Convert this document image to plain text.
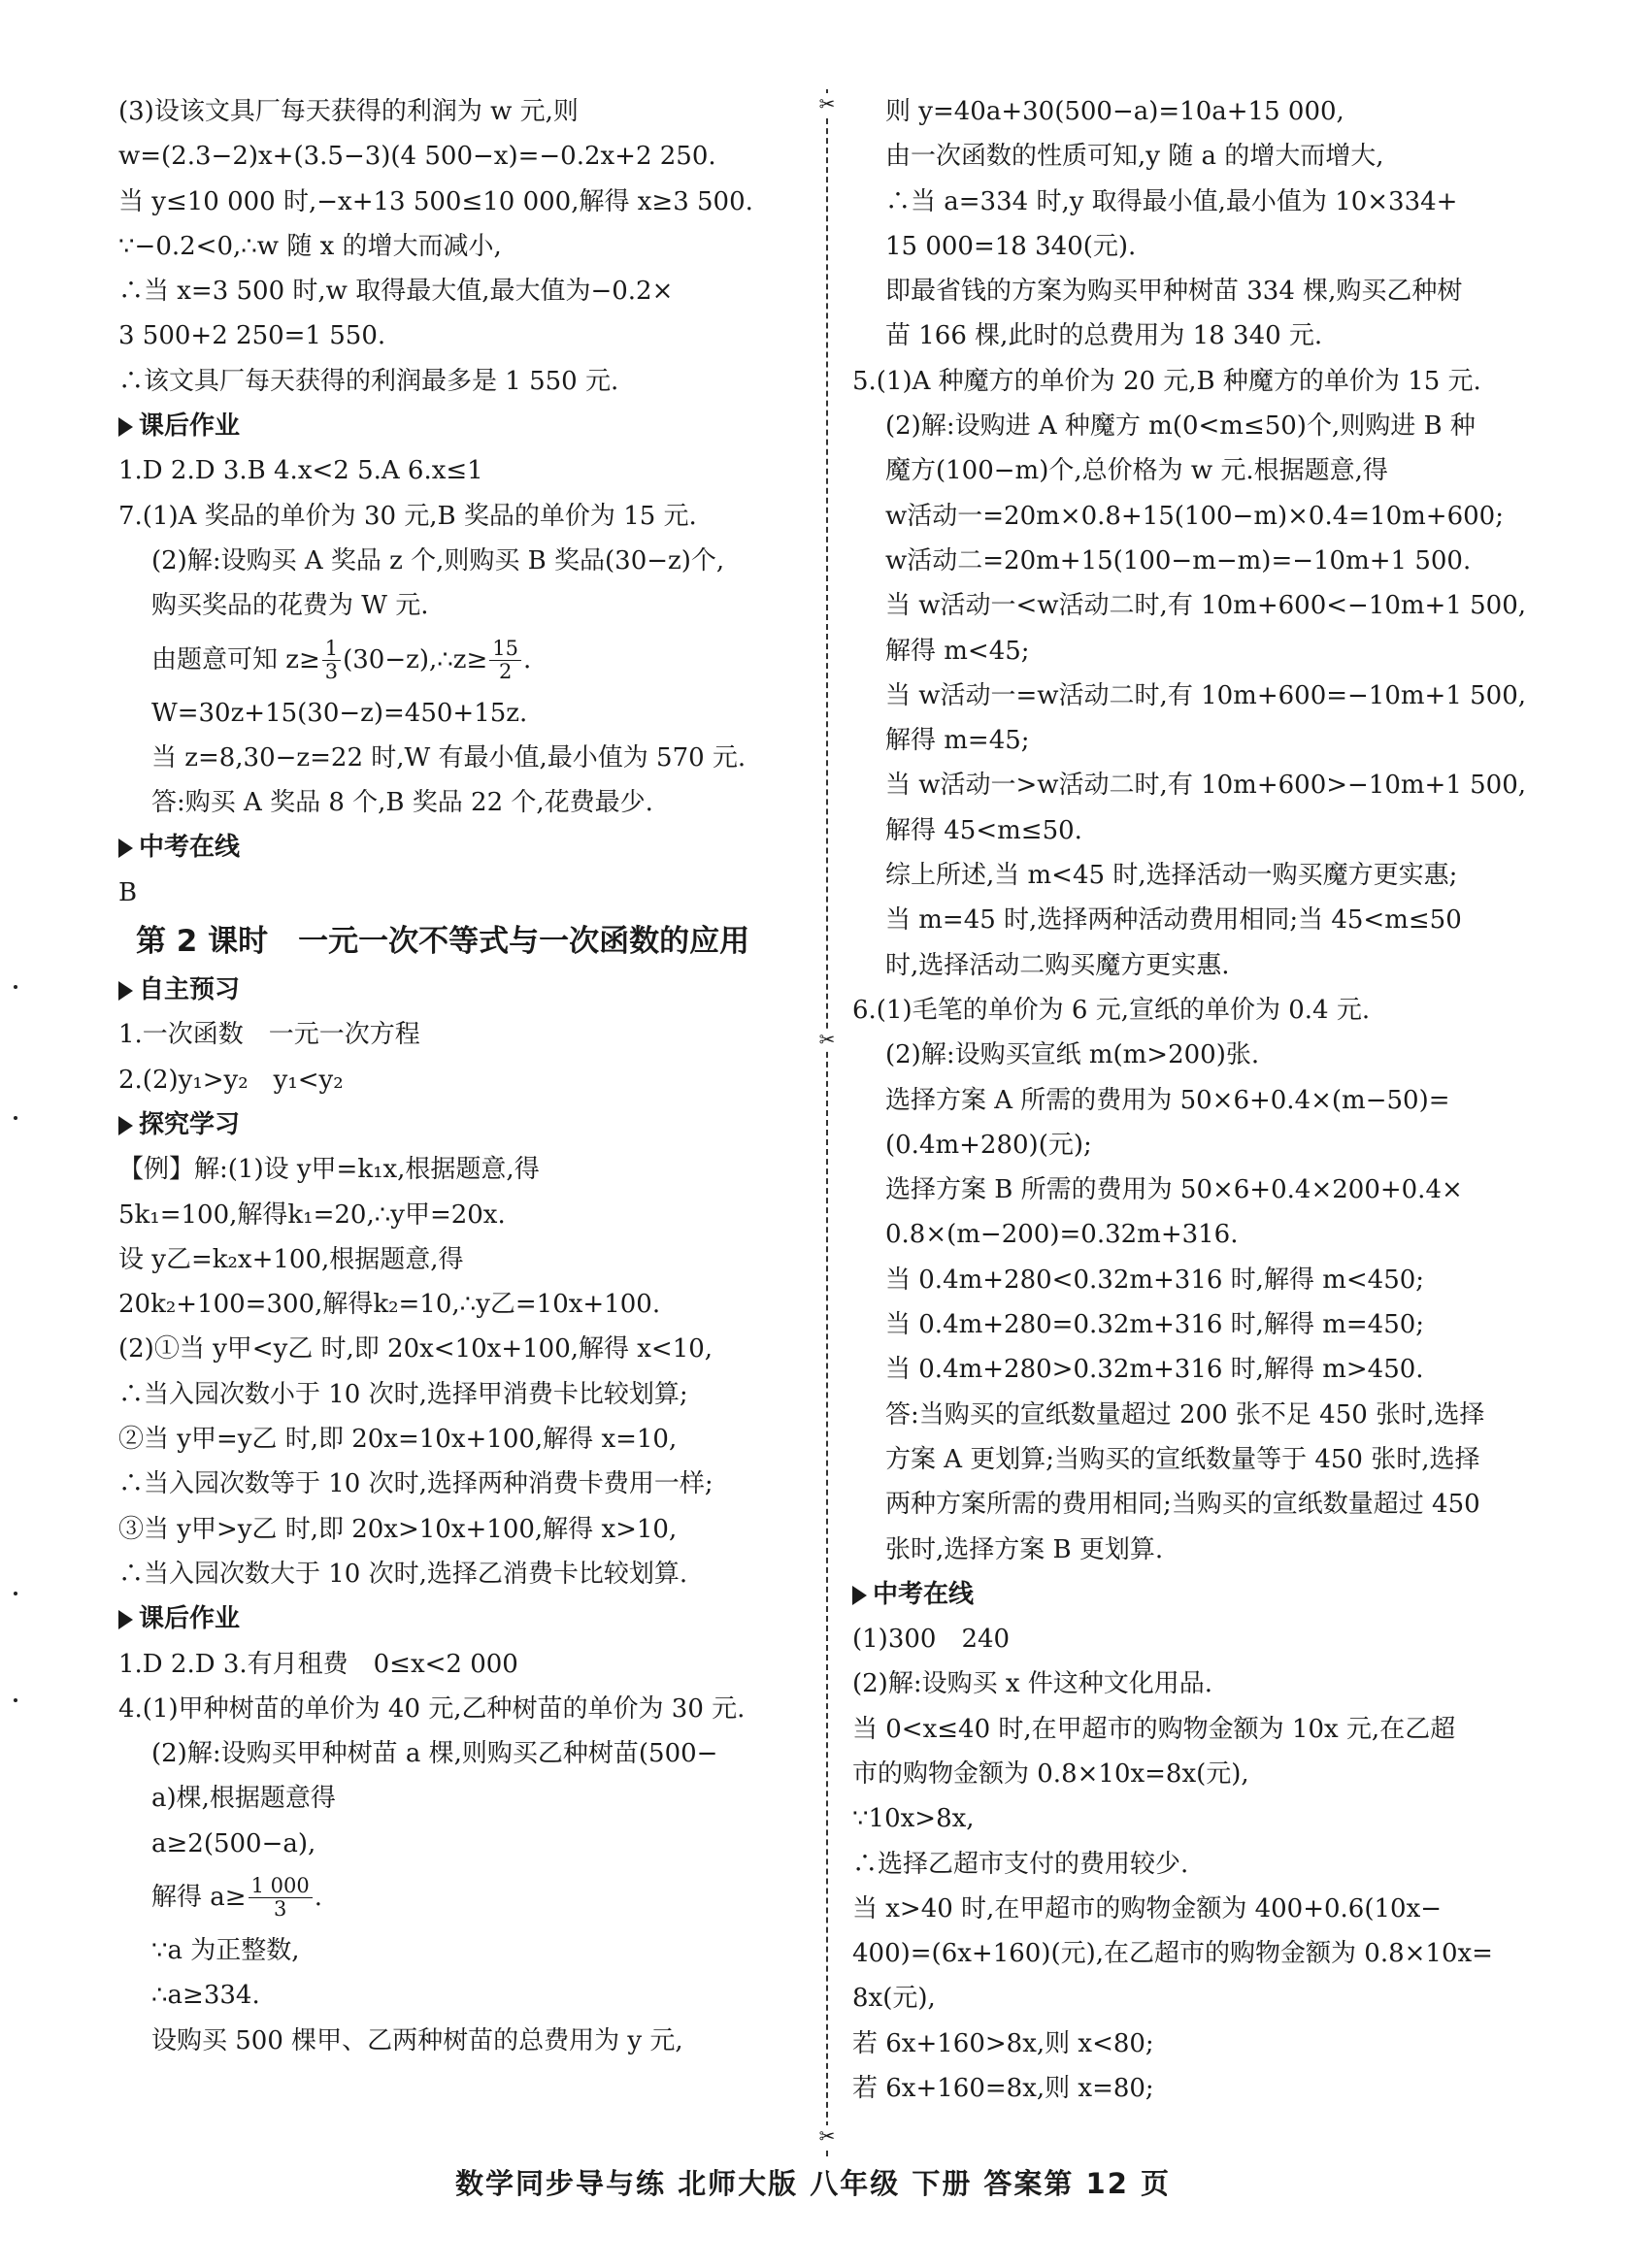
(3)设该文具厂每天获得的利润为 w 元,则
w=(2.3−2)x+(3.5−3)(4 500−x)=−0.2x+2 250.
当 y≤10 000 时,−x+13 500≤10 000,解得 x≥3 500.
∵−0.2<0,∴w 随 x 的增大而减小,
∴当 x=3 500 时,w 取得最大值,最大值为−0.2×
3 500+2 250=1 550.
∴该文具厂每天获得的利润最多是 1 550 元.
课后作业
1.D 2.D 3.B 4.x<2 5.A 6.x≤1
7.(1)A 奖品的单价为 30 元,B 奖品的单价为 15 元.
(2)解:设购买 A 奖品 z 个,则购买 B 奖品(30−z)个,
购买奖品的花费为 W 元.
由题意可知 $z\ge \frac{1}{3}$ (30−z),∴z≥ $\frac{15}{2}$ .
W=30z+15(30−z)=450+15z.
当 z=8,30−z=22 时,W 有最小值,最小值为 570 元.
答:购买 A 奖品 8 个,B 奖品 22 个,花费最少.
中考在线
B
第 2 课时　一元一次不等式与一次函数的应用
自主预习
1.一次函数　一元一次方程
2.(2)y₁>y₂　y₁<y₂
探究学习
【例】解:(1)设 y甲=k₁x,根据题意,得
5k₁=100,解得k₁=20,∴y甲=20x.
设 y乙=k₂x+100,根据题意,得
20k₂+100=300,解得k₂=10,∴y乙=10x+100.
(2)①当 y甲<y乙 时,即 20x<10x+100,解得 x<10,
∴当入园次数小于 10 次时,选择甲消费卡比较划算;
②当 y甲=y乙 时,即 20x=10x+100,解得 x=10,
∴当入园次数等于 10 次时,选择两种消费卡费用一样;
③当 y甲>y乙 时,即 20x>10x+100,解得 x>10,
∴当入园次数大于 10 次时,选择乙消费卡比较划算.
课后作业
1.D 2.D 3.有月租费　0≤x<2 000
4.(1)甲种树苗的单价为 40 元,乙种树苗的单价为 30 元.
(2)解:设购买甲种树苗 a 棵,则购买乙种树苗(500−
a)棵,根据题意得
a≥2(500−a),
解得 $a\ge \frac{1 000}{3}$ .
∵a 为正整数,
∴a≥334.
设购买 500 棵甲、乙两种树苗的总费用为 y 元,
✂
✂
✂
则 y=40a+30(500−a)=10a+15 000,
由一次函数的性质可知,y 随 a 的增大而增大,
∴当 a=334 时,y 取得最小值,最小值为 10×334+
15 000=18 340(元).
即最省钱的方案为购买甲种树苗 334 棵,购买乙种树
苗 166 棵,此时的总费用为 18 340 元.
5.(1)A 种魔方的单价为 20 元,B 种魔方的单价为 15 元.
(2)解:设购进 A 种魔方 m(0<m≤50)个,则购进 B 种
魔方(100−m)个,总价格为 w 元.根据题意,得
w活动一=20m×0.8+15(100−m)×0.4=10m+600;
w活动二=20m+15(100−m−m)=−10m+1 500.
当 w活动一<w活动二时,有 10m+600<−10m+1 500,
解得 m<45;
当 w活动一=w活动二时,有 10m+600=−10m+1 500,
解得 m=45;
当 w活动一>w活动二时,有 10m+600>−10m+1 500,
解得 45<m≤50.
综上所述,当 m<45 时,选择活动一购买魔方更实惠;
当 m=45 时,选择两种活动费用相同;当 45<m≤50
时,选择活动二购买魔方更实惠.
6.(1)毛笔的单价为 6 元,宣纸的单价为 0.4 元.
(2)解:设购买宣纸 m(m>200)张.
选择方案 A 所需的费用为 50×6+0.4×(m−50)=
(0.4m+280)(元);
选择方案 B 所需的费用为 50×6+0.4×200+0.4×
0.8×(m−200)=0.32m+316.
当 0.4m+280<0.32m+316 时,解得 m<450;
当 0.4m+280=0.32m+316 时,解得 m=450;
当 0.4m+280>0.32m+316 时,解得 m>450.
答:当购买的宣纸数量超过 200 张不足 450 张时,选择
方案 A 更划算;当购买的宣纸数量等于 450 张时,选择
两种方案所需的费用相同;当购买的宣纸数量超过 450
张时,选择方案 B 更划算.
中考在线
(1)300　240
(2)解:设购买 x 件这种文化用品.
当 0<x≤40 时,在甲超市的购物金额为 10x 元,在乙超
市的购物金额为 0.8×10x=8x(元),
∵10x>8x,
∴选择乙超市支付的费用较少.
当 x>40 时,在甲超市的购物金额为 400+0.6(10x−
400)=(6x+160)(元),在乙超市的购物金额为 0.8×10x=
8x(元),
若 6x+160>8x,则 x<80;
若 6x+160=8x,则 x=80;
数学同步导与练 北师大版 八年级 下册 答案第 12 页
